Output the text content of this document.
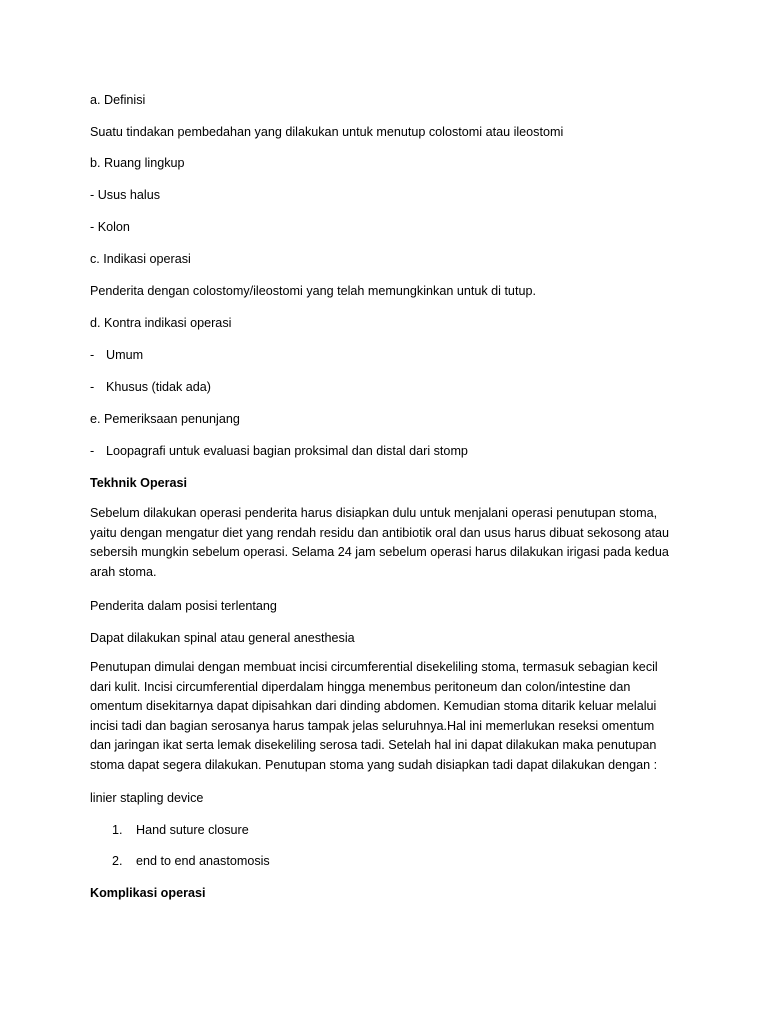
a. Definisi
Suatu tindakan pembedahan yang dilakukan untuk menutup colostomi atau ileostomi
b. Ruang lingkup
- Usus halus
- Kolon
c. Indikasi operasi
Penderita dengan colostomy/ileostomi yang telah memungkinkan untuk di tutup.
d. Kontra indikasi operasi
- Umum
- Khusus (tidak ada)
e. Pemeriksaan penunjang
- Loopagrafi untuk evaluasi bagian proksimal dan distal dari stomp
Tekhnik Operasi
Sebelum dilakukan operasi penderita harus disiapkan dulu untuk menjalani operasi penutupan stoma,
yaitu dengan mengatur diet yang rendah residu dan antibiotik oral dan usus harus dibuat sekosong atau
sebersih mungkin sebelum operasi. Selama 24 jam sebelum operasi harus dilakukan irigasi pada kedua
arah stoma.
Penderita dalam posisi terlentang
Dapat dilakukan spinal atau general anesthesia
Penutupan dimulai dengan membuat incisi circumferential disekeliling stoma, termasuk sebagian kecil
dari kulit. Incisi circumferential diperdalam hingga menembus peritoneum dan colon/intestine dan
omentum disekitarnya dapat dipisahkan dari dinding abdomen. Kemudian stoma ditarik keluar melalui
incisi tadi dan bagian serosanya harus tampak jelas seluruhnya.Hal ini memerlukan reseksi omentum
dan jaringan ikat serta lemak disekeliling serosa tadi. Setelah hal ini dapat dilakukan maka penutupan
stoma dapat segera dilakukan. Penutupan stoma yang sudah disiapkan tadi dapat dilakukan dengan :
linier stapling device
1. Hand suture closure
2. end to end anastomosis
Komplikasi operasi
